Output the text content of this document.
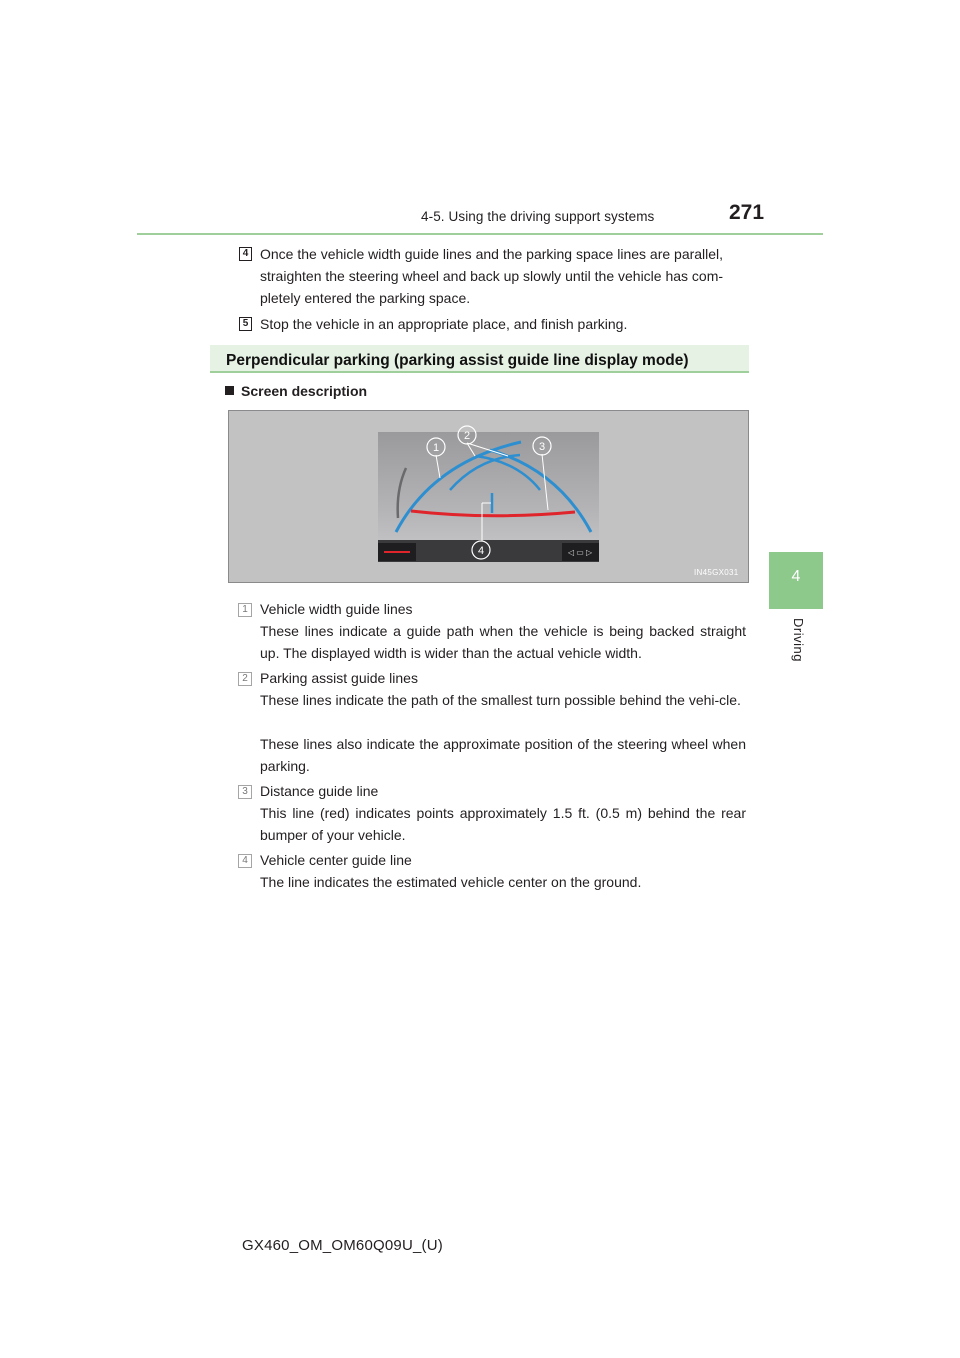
4-5. Using the driving support systems	271
4
Driving
4 Once the vehicle width guide lines and the parking space lines are parallel, straighten the steering wheel and back up slowly until the vehicle has com-pletely entered the parking space.
5 Stop the vehicle in an appropriate place, and finish parking.
Perpendicular parking (parking assist guide line display mode)
Screen description
◁ ▭ ▷
1
2
3
4
IN45GX031
1 Vehicle width guide lines
These lines indicate a guide path when the vehicle is being backed straight up. The displayed width is wider than the actual vehicle width.
2 Parking assist guide lines
These lines indicate the path of the smallest turn possible behind the vehi-cle.
These lines also indicate the approximate position of the steering wheel when parking.
3 Distance guide line
This line (red) indicates points approximately 1.5 ft. (0.5 m) behind the rear bumper of your vehicle.
4 Vehicle center guide line
The line indicates the estimated vehicle center on the ground.
GX460_OM_OM60Q09U_(U)
